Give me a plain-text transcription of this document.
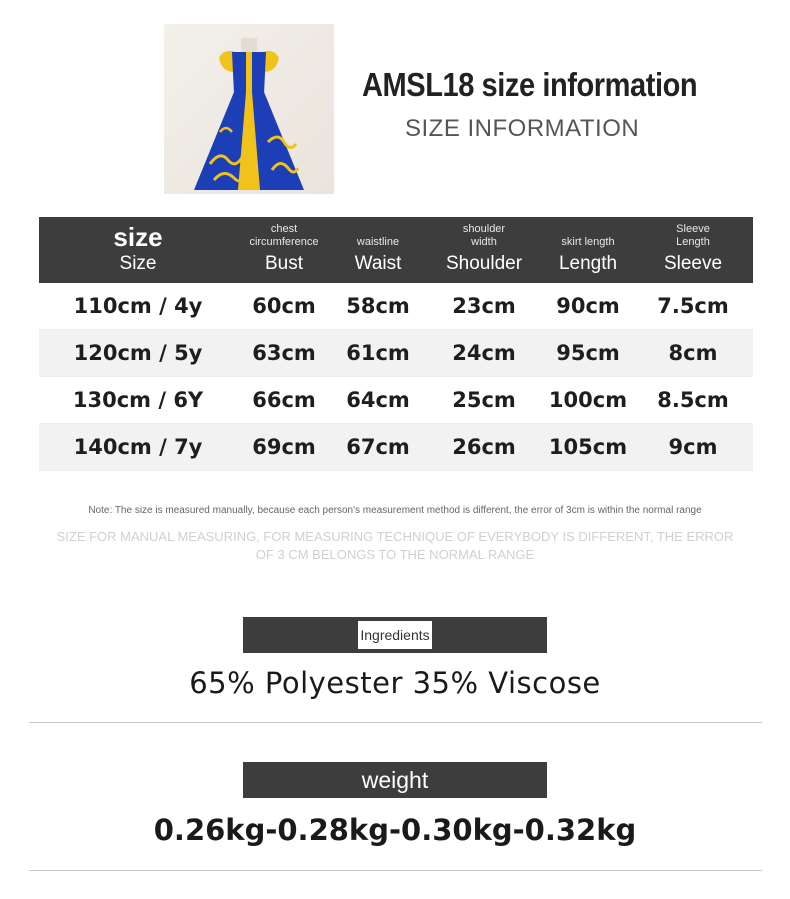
AMSL18 size information
SIZE INFORMATION
size
Size
chest circumference
Bust
waistline
Waist
shoulder width
Shoulder
skirt length
Length
Sleeve Length
Sleeve
110cm / 4y	60cm	58cm	23cm	90cm	7.5cm
120cm / 5y	63cm	61cm	24cm	95cm	8cm
130cm / 6Y	66cm	64cm	25cm	100cm	8.5cm
140cm / 7y	69cm	67cm	26cm	105cm	9cm
Note: The size is measured manually, because each person's measurement method is different, the error of 3cm is within the normal range
SIZE FOR MANUAL MEASURING, FOR MEASURING TECHNIQUE OF EVERYBODY IS DIFFERENT, THE ERROR OF 3 CM BELONGS TO THE NORMAL RANGE
Ingredients
65% Polyester 35% Viscose
weight
0.26kg-0.28kg-0.30kg-0.32kg
